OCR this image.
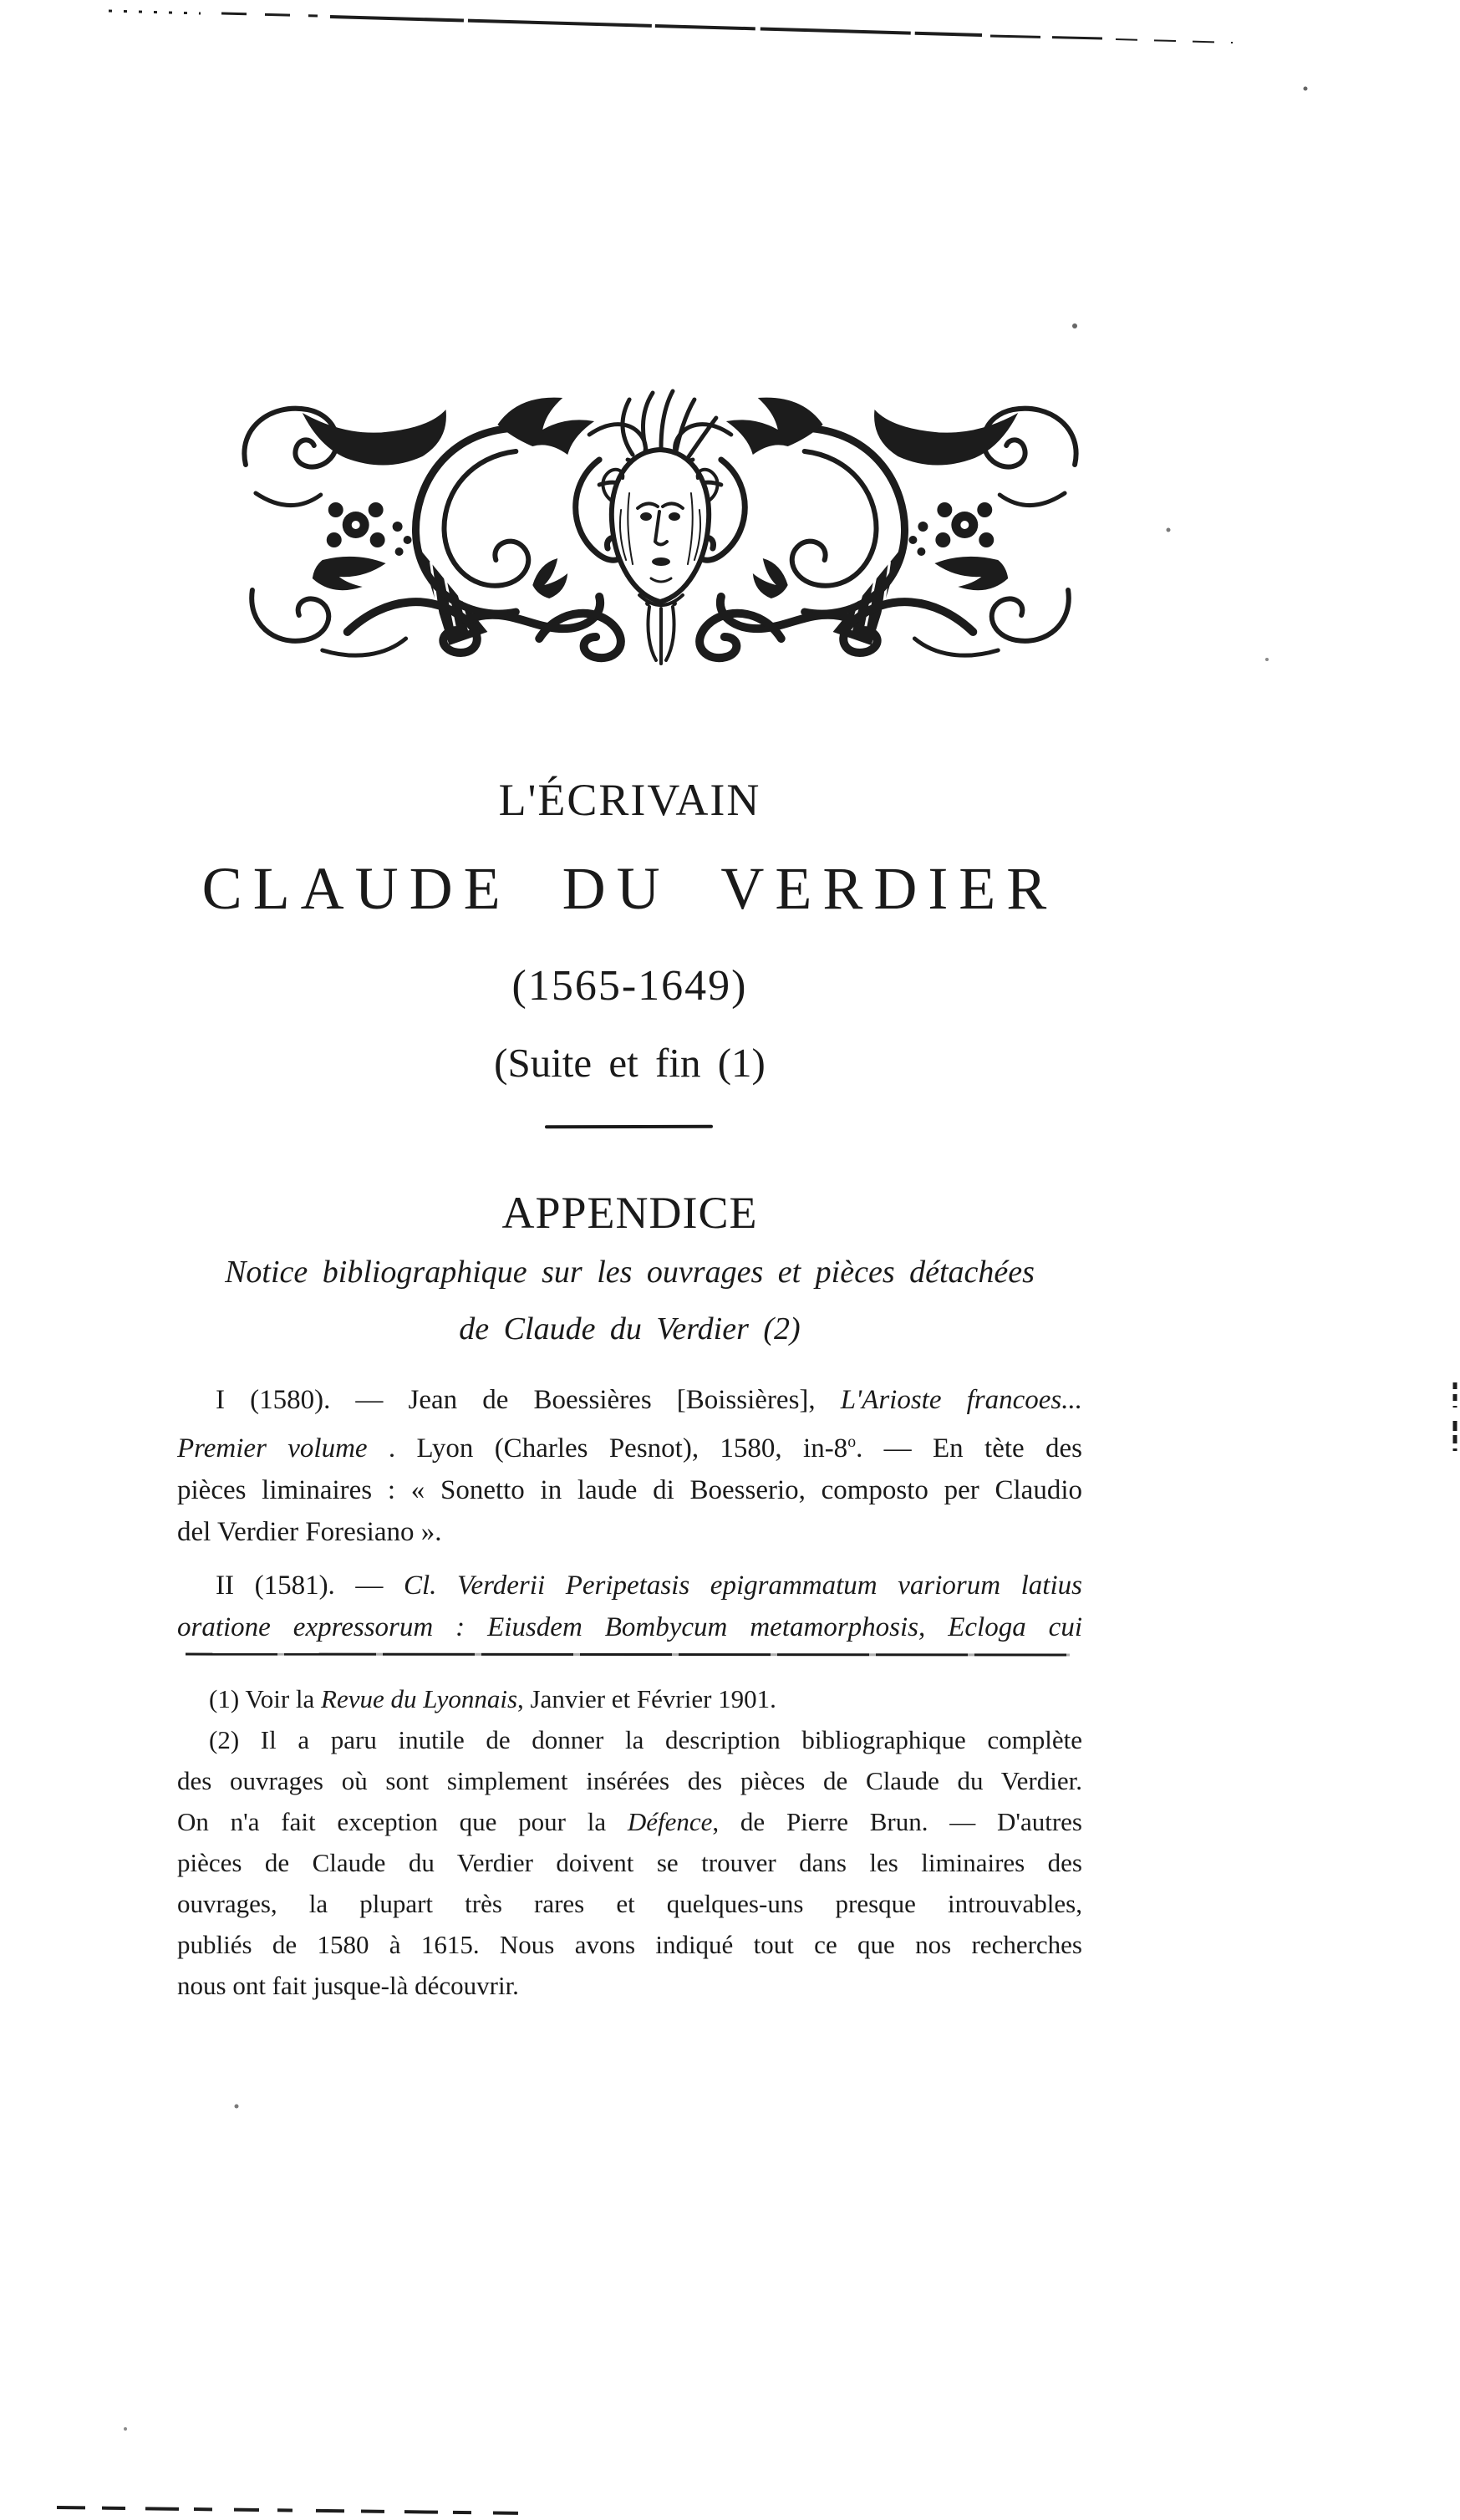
L'ÉCRIVAIN
CLAUDE DU VERDIER
(1565-1649)
(Suite et fin (1)
APPENDICE
Notice bibliographique sur les ouvrages et pièces détachées
de Claude du Verdier (2)
I (1580). — Jean de Boessières [Boissières], L'Arioste francoes...
Premier volume . Lyon (Charles Pesnot), 1580, in-8$^o$. — En tète des
pièces liminaires : « Sonetto in laude di Boesserio, composto per Claudio
del Verdier Foresiano ».
II (1581). — Cl. Verderii Peripetasis epigrammatum variorum latius
oratione expressorum : Eiusdem Bombycum metamorphosis, Ecloga cui
(1) Voir la Revue du Lyonnais, Janvier et Février 1901.
(2) Il a paru inutile de donner la description bibliographique complète
des ouvrages où sont simplement insérées des pièces de Claude du Verdier.
On n'a fait exception que pour la Défence, de Pierre Brun. — D'autres
pièces de Claude du Verdier doivent se trouver dans les liminaires des
ouvrages, la plupart très rares et quelques-uns presque introuvables,
publiés de 1580 à 1615. Nous avons indiqué tout ce que nos recherches
nous ont fait jusque-là découvrir.
